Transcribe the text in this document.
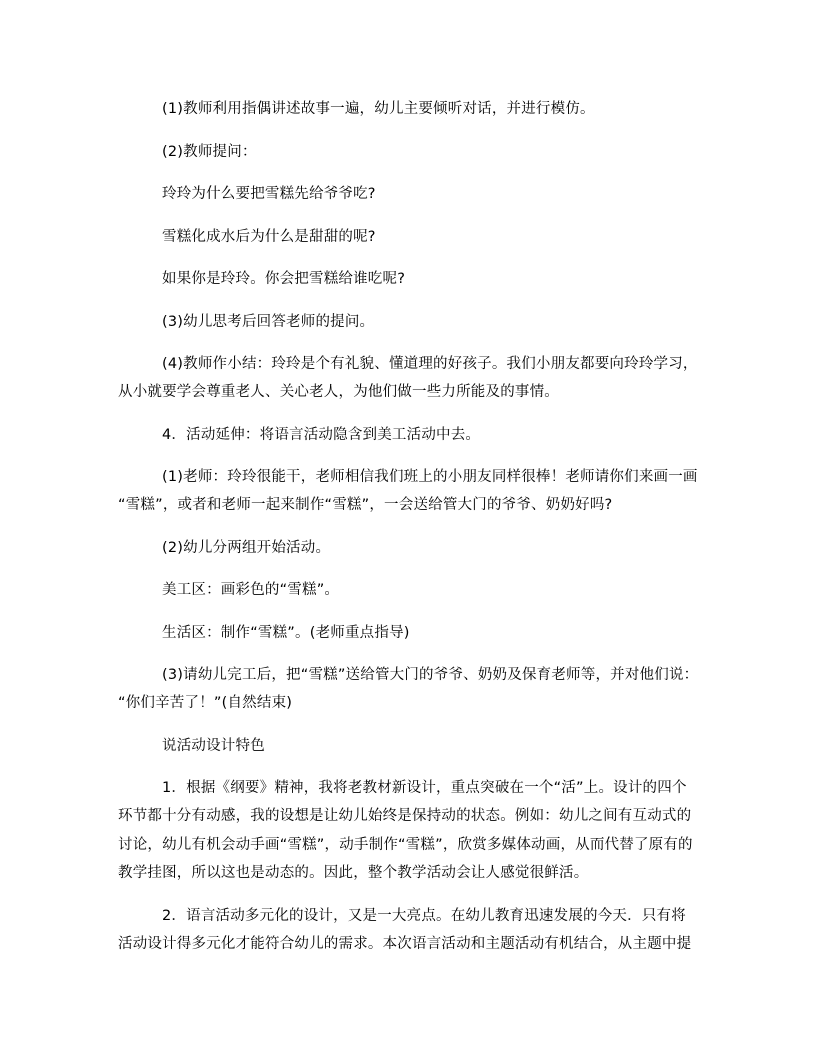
(1)教师利用指偶讲述故事一遍，幼儿主要倾听对话，并进行模仿。
(2)教师提问：
玲玲为什么要把雪糕先给爷爷吃?
雪糕化成水后为什么是甜甜的呢?
如果你是玲玲。你会把雪糕给谁吃呢?
(3)幼儿思考后回答老师的提问。
(4)教师作小结：玲玲是个有礼貌、懂道理的好孩子。我们小朋友都要向玲玲学习，
从小就要学会尊重老人、关心老人，为他们做一些力所能及的事情。
4．活动延伸：将语言活动隐含到美工活动中去。
(1)老师：玲玲很能干，老师相信我们班上的小朋友同样很棒！老师请你们来画一画
“雪糕”，或者和老师一起来制作“雪糕”，一会送给管大门的爷爷、奶奶好吗?
(2)幼儿分两组开始活动。
美工区：画彩色的“雪糕”。
生活区：制作“雪糕”。(老师重点指导)
(3)请幼儿完工后，把“雪糕”送给管大门的爷爷、奶奶及保育老师等，并对他们说：
“你们辛苦了！”(自然结束)
说活动设计特色
1．根据《纲要》精神，我将老教材新设计，重点突破在一个“活”上。设计的四个
环节都十分有动感，我的设想是让幼儿始终是保持动的状态。例如：幼儿之间有互动式的
讨论，幼儿有机会动手画“雪糕”，动手制作“雪糕”，欣赏多媒体动画，从而代替了原有的
教学挂图，所以这也是动态的。因此，整个教学活动会让人感觉很鲜活。
2．语言活动多元化的设计，又是一大亮点。在幼儿教育迅速发展的今天．只有将
活动设计得多元化才能符合幼儿的需求。本次语言活动和主题活动有机结合，从主题中提
